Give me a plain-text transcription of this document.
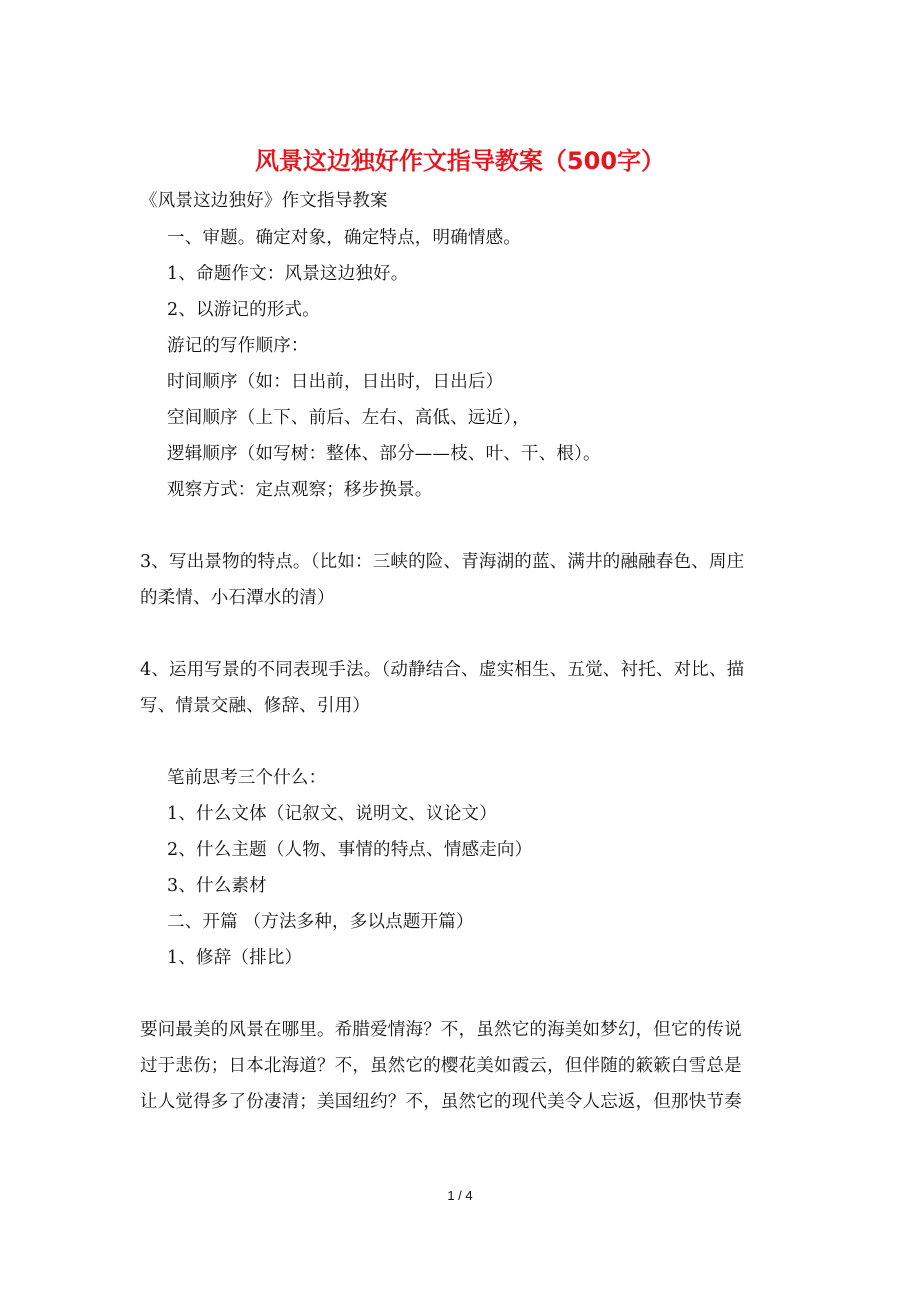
风景这边独好作文指导教案（500字）
《风景这边独好》作文指导教案
一、审题。确定对象，确定特点，明确情感。
1、命题作文：风景这边独好。
2、以游记的形式。
游记的写作顺序：
时间顺序（如：日出前，日出时，日出后）
空间顺序（上下、前后、左右、高低、远近），
逻辑顺序（如写树：整体、部分——枝、叶、干、根）。
观察方式：定点观察；移步换景。
3、写出景物的特点。（比如：三峡的险、青海湖的蓝、满井的融融春色、周庄
的柔情、小石潭水的清）
4、运用写景的不同表现手法。（动静结合、虚实相生、五觉、衬托、对比、描
写、情景交融、修辞、引用）
笔前思考三个什么：
1、什么文体（记叙文、说明文、议论文）
2、什么主题（人物、事情的特点、情感走向）
3、什么素材
二、开篇 （方法多种，多以点题开篇）
1、修辞（排比）
要问最美的风景在哪里。希腊爱情海？不，虽然它的海美如梦幻，但它的传说
过于悲伤；日本北海道？不，虽然它的樱花美如霞云，但伴随的簌簌白雪总是
让人觉得多了份凄清；美国纽约？不，虽然它的现代美令人忘返，但那快节奏
1 / 4
